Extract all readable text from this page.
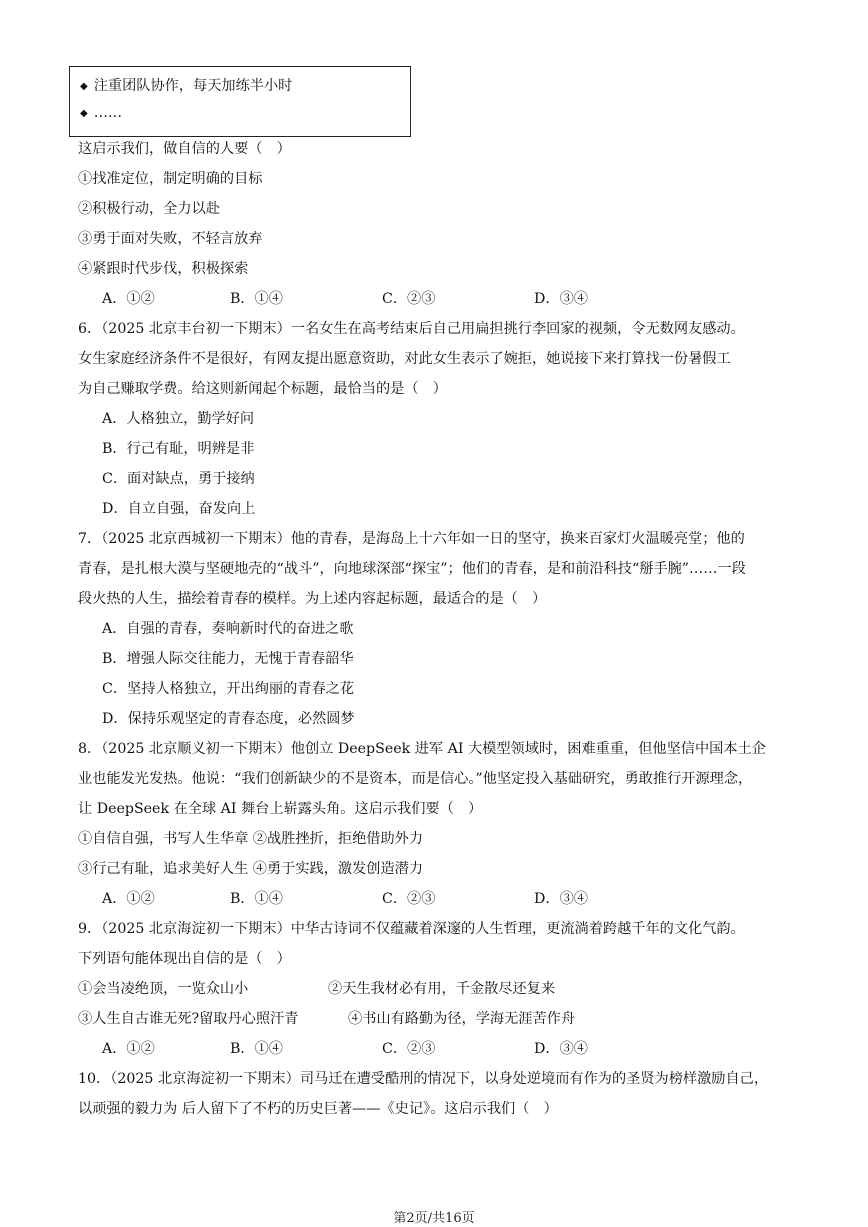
◆ 注重团队协作，每天加练半小时
◆ ……
这启示我们，做自信的人要（　）
①找准定位，制定明确的目标
②积极行动，全力以赴
③勇于面对失败，不轻言放弃
④紧跟时代步伐，积极探索
A．①②	B．①④	C．②③	D．③④
6．（2025 北京丰台初一下期末）一名女生在高考结束后自己用扁担挑行李回家的视频，令无数网友感动。
女生家庭经济条件不是很好，有网友提出愿意资助，对此女生表示了婉拒，她说接下来打算找一份暑假工
为自己赚取学费。给这则新闻起个标题，最恰当的是（　）
A．人格独立，勤学好问
B．行己有耻，明辨是非
C．面对缺点，勇于接纳
D．自立自强，奋发向上
7．（2025 北京西城初一下期末）他的青春，是海岛上十六年如一日的坚守，换来百家灯火温暖亮堂；他的
青春，是扎根大漠与坚硬地壳的“战斗”，向地球深部“探宝”；他们的青春，是和前沿科技“掰手腕”……一段
段火热的人生，描绘着青春的模样。为上述内容起标题，最适合的是（　）
A．自强的青春，奏响新时代的奋进之歌
B．增强人际交往能力，无愧于青春韶华
C．坚持人格独立，开出绚丽的青春之花
D．保持乐观坚定的青春态度，必然圆梦
8．（2025 北京顺义初一下期末）他创立 DeepSeek 进军 AI 大模型领域时，困难重重，但他坚信中国本土企
业也能发光发热。他说：“我们创新缺少的不是资本，而是信心。”他坚定投入基础研究，勇敢推行开源理念，
让 DeepSeek 在全球 AI 舞台上崭露头角。这启示我们要（　）
①自信自强，书写人生华章 ②战胜挫折，拒绝借助外力
③行己有耻，追求美好人生 ④勇于实践，激发创造潜力
A．①②	B．①④	C．②③	D．③④
9．（2025 北京海淀初一下期末）中华古诗词不仅蕴藏着深邃的人生哲理，更流淌着跨越千年的文化气韵。
下列语句能体现出自信的是（　）
①会当凌绝顶，一览众山小	②天生我材必有用，千金散尽还复来
③人生自古谁无死?留取丹心照汗青	④书山有路勤为径，学海无涯苦作舟
A．①②	B．①④	C．②③	D．③④
10．（2025 北京海淀初一下期末）司马迁在遭受酷刑的情况下，以身处逆境而有作为的圣贤为榜样激励自己，
以顽强的毅力为 后人留下了不朽的历史巨著——《史记》。这启示我们（　）
第2页/共16页
